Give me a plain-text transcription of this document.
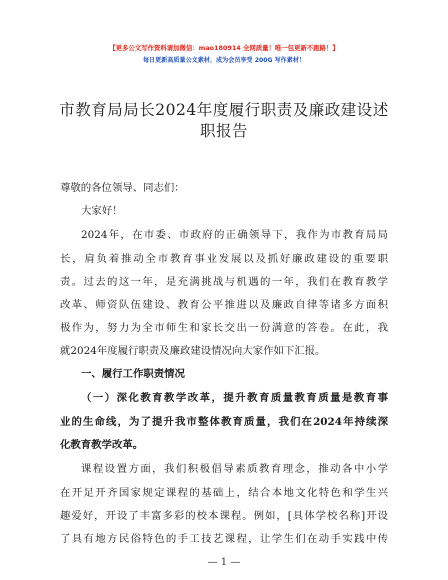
【更多公文写作资料请加微信：mao180914 全网质量！唯一包更新不跑路！】
每日更新高质量公文素材，成为会员享受 200G 写作素材！
市教育局局长2024年度履行职责及廉政建设述
职报告
尊敬的各位领导、同志们：
大家好！
2024年，在市委、市政府的正确领导下，我作为市教育局局
长，肩负着推动全市教育事业发展以及抓好廉政建设的重要职
责。过去的这一年，是充满挑战与机遇的一年，我们在教育教学
改革、师资队伍建设、教育公平推进以及廉政自律等诸多方面积
极作为，努力为全市师生和家长交出一份满意的答卷。在此，我
就2024年度履行职责及廉政建设情况向大家作如下汇报。
一、履行工作职责情况
（一）深化教育教学改革，提升教育质量教育质量是教育事
业的生命线，为了提升我市整体教育质量，我们在2024年持续深
化教育教学改革。
课程设置方面，我们积极倡导素质教育理念，推动各中小学
在开足开齐国家规定课程的基础上，结合本地文化特色和学生兴
趣爱好，开设了丰富多彩的校本课程。例如，[具体学校名称]开设
了具有地方民俗特色的手工技艺课程，让学生们在动手实践中传
— 1 —
